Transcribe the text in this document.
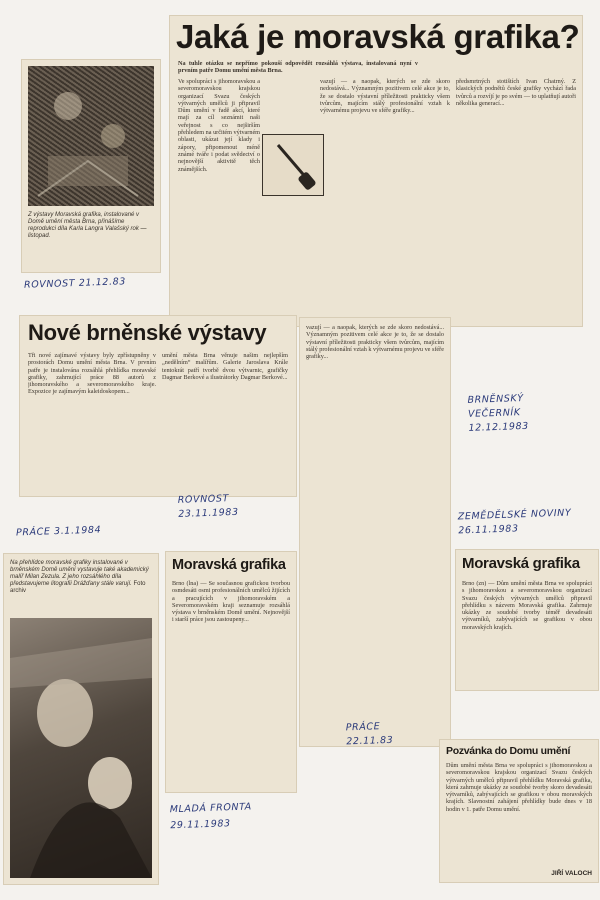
Z výstavy Moravská grafika, instalované v Domě umění města Brna, přinášíme reprodukci díla Karla Langra Valašský rok — listopad.
Jaká je moravská grafika?
Na tuhle otázku se nepřímo pokouší odpovědět rozsáhlá výstava, instalovaná nyní v prvním patře Domu umění města Brna.
Ve spolupráci s jihomoravskou a severomoravskou krajskou organizací Svazu českých výtvarných umělců ji připravil Dům umění v řadě akcí, které mají za cíl seznámit naši veřejnost s co nejširším přehledem na určitém výtvarném oblasti, ukázat její klady i zápory, připomenout méně známé tváře i podat svědectví o nejnovější aktivitě těch známějších.
vazují — a naopak, kterých se zde skoro nedostává... Významným pozitivem celé akce je to, že se dostalo výstavní příležitosti prakticky všem tvůrcům, majícím stálý profesionální vztah k výtvarnému projevu ve sféře grafiky...
předsmrtných stotištích Ivan Chatrný. Z klasických podnětů české grafiky vychází řada tvůrců a rozvíjí je po svém — to uplatňují autoři několika generací...
vazují — a naopak, kterých se zde skoro nedostává... Významným pozitivem celé akce je to, že se dostalo výstavní příležitosti prakticky všem tvůrcům, majícím stálý profesionální vztah k výtvarnému projevu ve sféře grafiky...
Nové brněnské výstavy
Tři nové zajímavé výstavy byly zpřístupněny v prostorách Domu umění města Brna. V prvním patře je instalována rozsáhlá přehlídka moravské grafiky, zahrnující práce 88 autorů z jihomoravského a severomoravského kraje. Expozice je zajímavým kaleidoskopem...
umění města Brna věnuje našim nejlepším „nedělním“ malířům. Galerie Jaroslava Krále tentokrát patří tvorbě dvou výtvarnic, grafičky Dagmar Berkové a ilustrátorky Dagmar Berkové...
Na přehlídce moravské grafiky instalované v brněnském Domě umění vystavuje také akademický malíř Milan Zezula. Z jeho rozsáhlého díla představujeme litografii Drážďany stále varují. Foto archiv
Moravská grafika
Brno (lna) — Se současnou grafickou tvorbou osmdesáti osmi profesionálních umělců žijících a pracujících v jihomoravském a Severomoravském kraji seznamuje rozsáhlá výstava v brněnském Domě umění. Nejnovější i starší práce jsou zastoupeny...
Moravská grafika
Brno (zn) — Dům umění města Brna ve spolupráci s jihomoravskou a severomoravskou organizací Svazu českých výtvarných umělců připravil přehlídku s názvem Moravská grafika. Zahrnuje ukázky ze soudobé tvorby téměř devadesáti výtvarníků, zabývajících se grafikou v obou moravských krajích.
Pozvánka do Domu umění
Dům umění města Brna ve spolupráci s jihomoravskou a severomoravskou krajskou organizací Svazu českých výtvarných umělců připravil přehlídku Moravská grafika, která zahrnuje ukázky ze soudobé tvorby skoro devadesáti výtvarníků, zabývajících se grafikou v obou moravských krajích. Slavnostní zahájení přehlídky bude dnes v 18 hodin v 1. patře Domu umění.
JIŘÍ VALOCH
ROVNOST 21.12.83
BRNĚNSKÝ VEČERNÍK 12.12.1983
ROVNOST 23.11.1983
PRÁCE 3.1.1984
ZEMĚDĚLSKÉ NOVINY 26.11.1983
PRÁCE 22.11.83
MLADÁ FRONTA 29.11.1983
